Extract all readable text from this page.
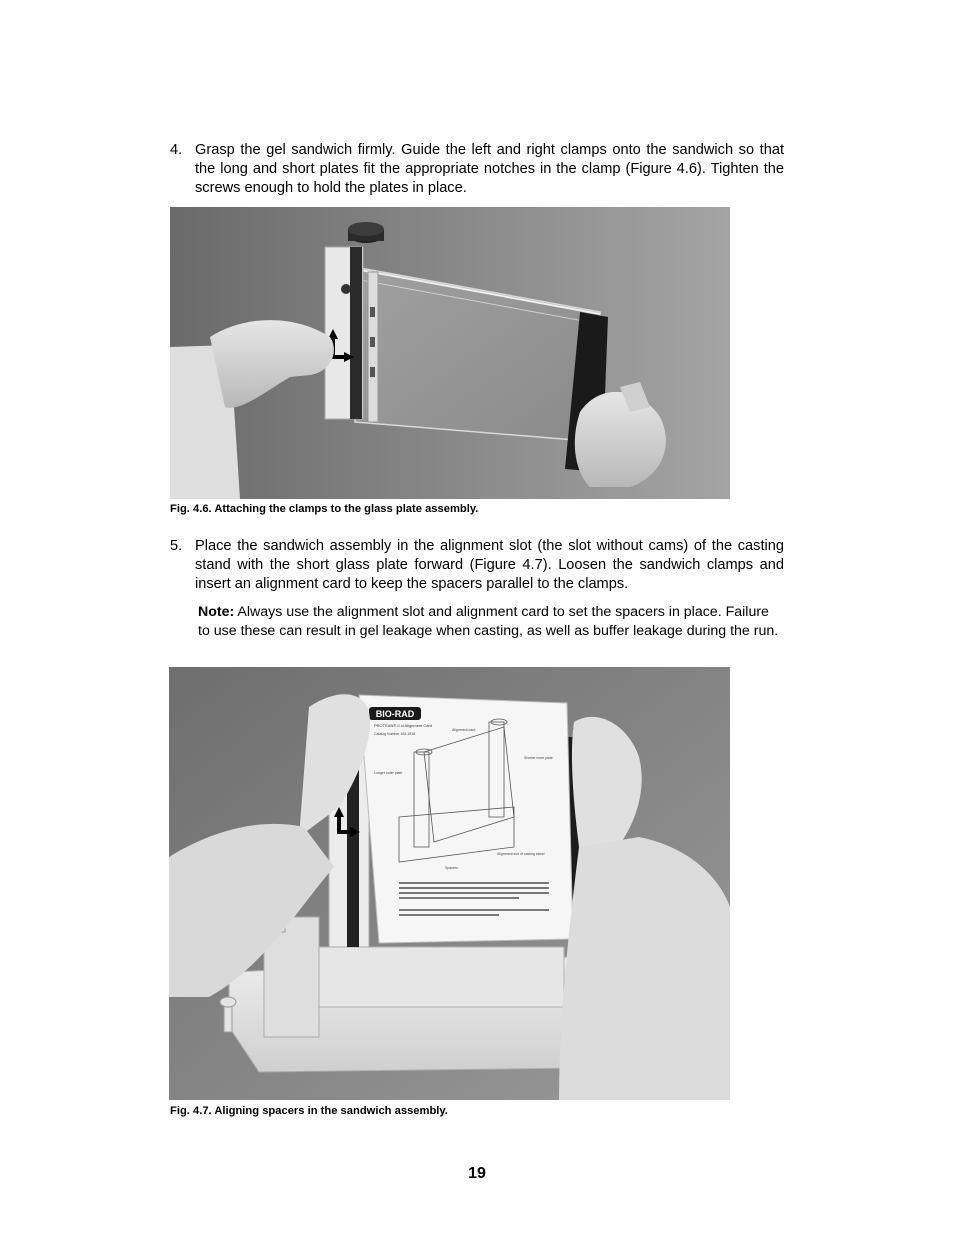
4. Grasp the gel sandwich firmly. Guide the left and right clamps onto the sandwich so that the long and short plates fit the appropriate notches in the clamp (Figure 4.6). Tighten the screws enough to hold the plates in place.
Fig. 4.6. Attaching the clamps to the glass plate assembly.
5. Place the sandwich assembly in the alignment slot (the slot without cams) of the casting stand with the short glass plate forward (Figure 4.7). Loosen the sandwich clamps and insert an alignment card to keep the spacers parallel to the clamps.
Note: Always use the alignment slot and alignment card to set the spacers in place. Failure to use these can result in gel leakage when casting, as well as buffer leakage during the run.
BIO-RAD
PROTEAN® II xi Alignment Card
Catalog Number 165-1818
Alignment card
Shorter inner plate
Longer outer plate
Alignment slot of casting stand
Spacers
Fig. 4.7. Aligning spacers in the sandwich assembly.
19
